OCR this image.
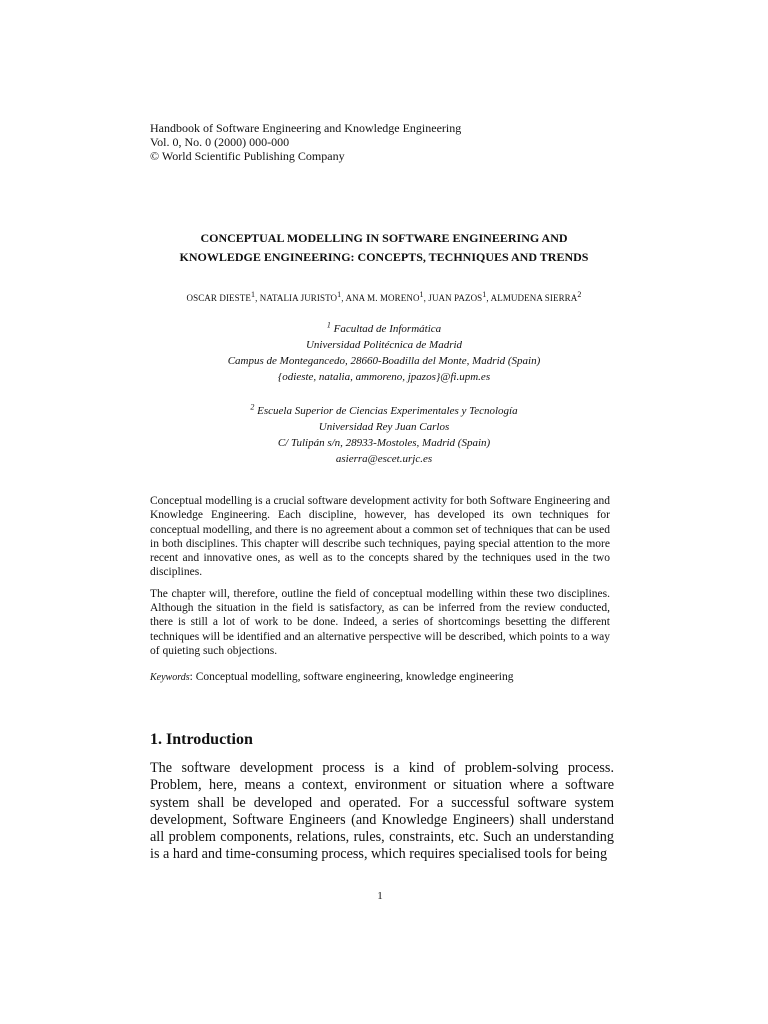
Handbook of Software Engineering and Knowledge Engineering
Vol. 0, No. 0 (2000) 000-000
© World Scientific Publishing Company
CONCEPTUAL MODELLING IN SOFTWARE ENGINEERING AND
KNOWLEDGE ENGINEERING: CONCEPTS, TECHNIQUES AND TRENDS
OSCAR DIESTE$^1$, NATALIA JURISTO$^1$, ANA M. MORENO$^1$, JUAN PAZOS$^1$, ALMUDENA SIERRA$^2$
$^1$ Facultad de Informática
Universidad Politécnica de Madrid
Campus de Montegancedo, 28660-Boadilla del Monte, Madrid (Spain)
{odieste, natalia, ammoreno, jpazos}@fi.upm.es
$^2$ Escuela Superior de Ciencias Experimentales y Tecnología
Universidad Rey Juan Carlos
C/ Tulipán s/n, 28933-Mostoles, Madrid (Spain)
asierra@escet.urjc.es

Conceptual modelling is a crucial software development activity for both Software Engineering and Knowledge Engineering. Each discipline, however, has developed its own techniques for conceptual modelling, and there is no agreement about a common set of techniques that can be used in both disciplines. This chapter will describe such techniques, paying special attention to the more recent and innovative ones, as well as to the concepts shared by the techniques used in the two disciplines.

The chapter will, therefore, outline the field of conceptual modelling within these two disciplines. Although the situation in the field is satisfactory, as can be inferred from the review conducted, there is still a lot of work to be done. Indeed, a series of shortcomings besetting the different techniques will be identified and an alternative perspective will be described, which points to a way of quieting such objections.

Keywords: Conceptual modelling, software engineering, knowledge engineering
1. Introduction

The software development process is a kind of problem-solving process. Problem, here, means a context, environment or situation where a software system shall be developed and operated. For a successful software system development, Software Engineers (and Knowledge Engineers) shall understand all problem components, relations, rules, constraints, etc. Such an understanding is a hard and time-consuming process, which requires specialised tools for being

1
